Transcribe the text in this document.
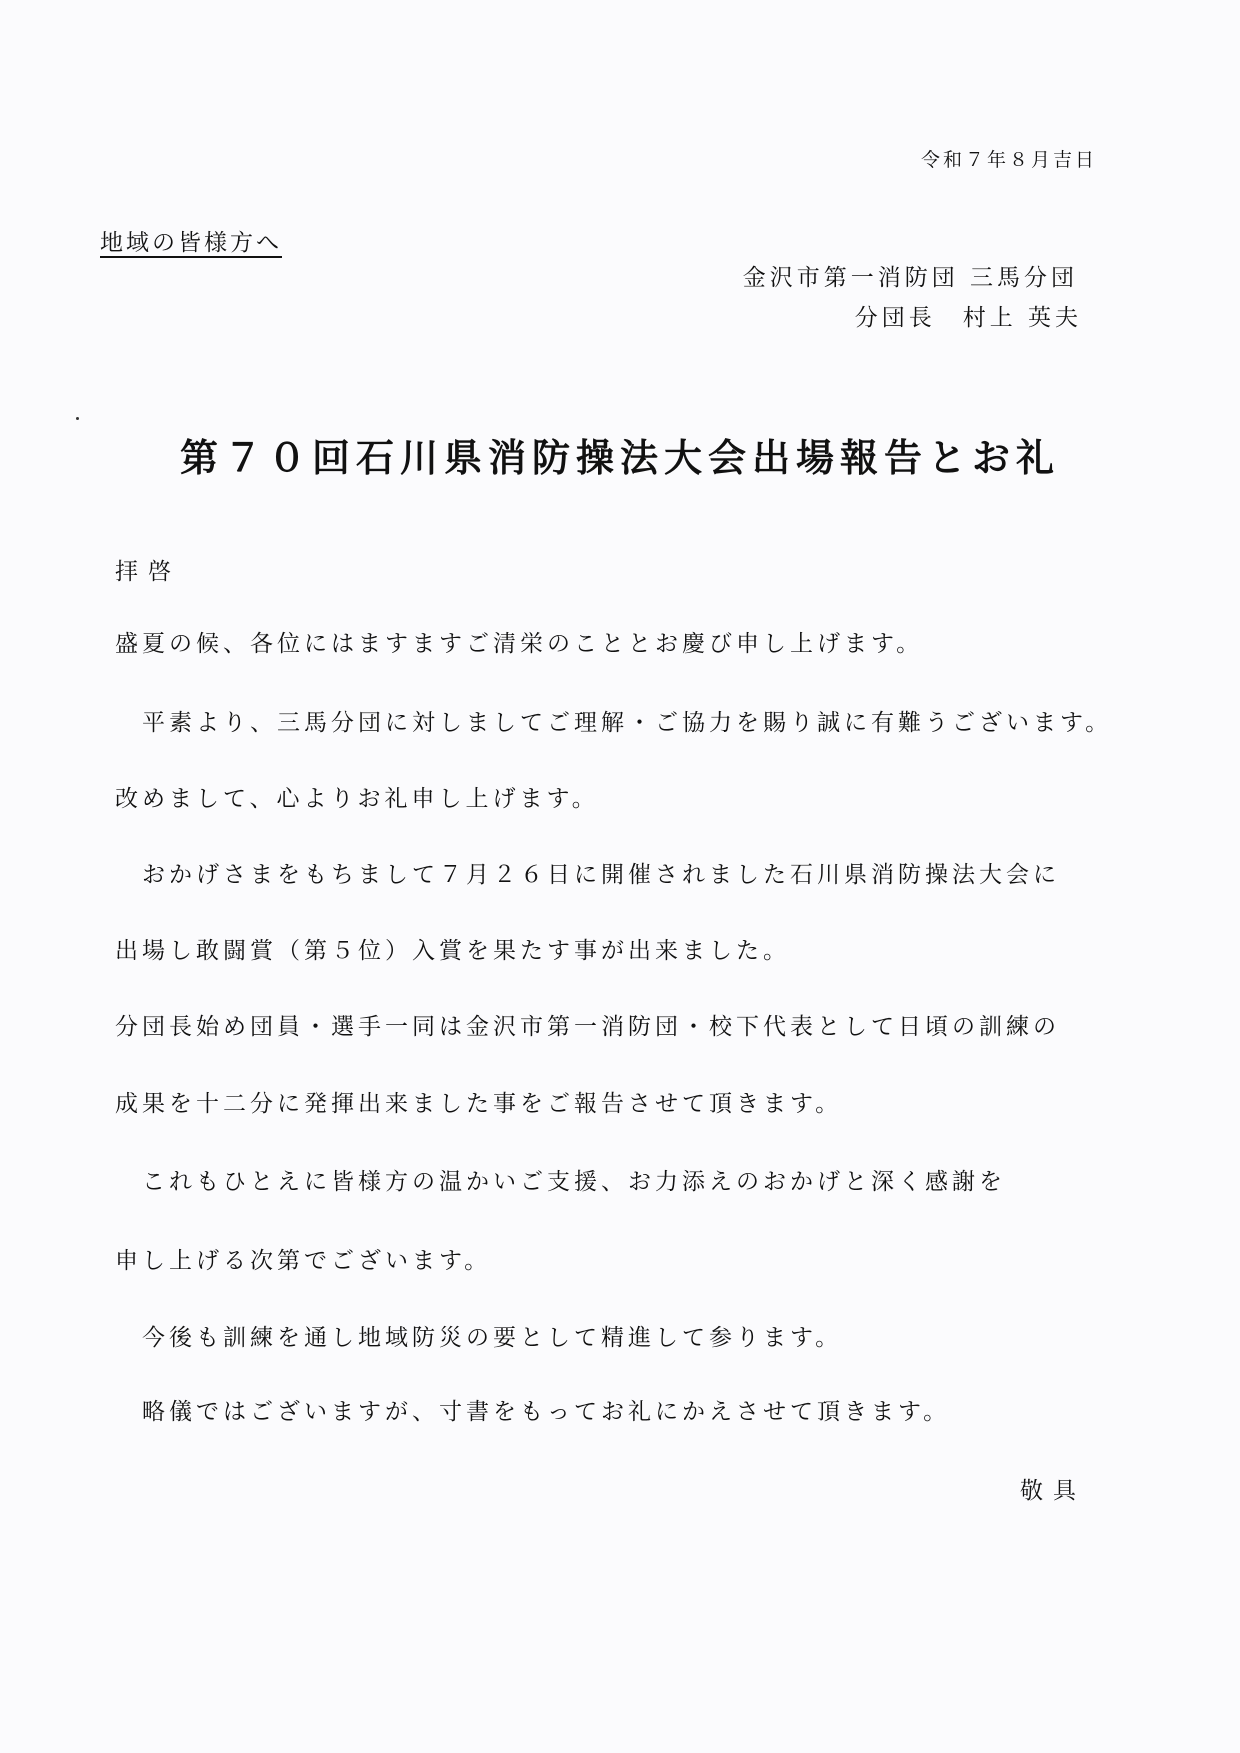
令和７年８月吉日
地域の皆様方へ
金沢市第一消防団 三馬分団
分団長　村上 英夫
第７０回石川県消防操法大会出場報告とお礼
拝啓
盛夏の候、各位にはますますご清栄のこととお慶び申し上げます。
　平素より、三馬分団に対しましてご理解・ご協力を賜り誠に有難うございます。
改めまして、心よりお礼申し上げます。
　おかげさまをもちまして７月２６日に開催されました石川県消防操法大会に
出場し敢闘賞（第５位）入賞を果たす事が出来ました。
分団長始め団員・選手一同は金沢市第一消防団・校下代表として日頃の訓練の
成果を十二分に発揮出来ました事をご報告させて頂きます。
　これもひとえに皆様方の温かいご支援、お力添えのおかげと深く感謝を
申し上げる次第でございます。
　今後も訓練を通し地域防災の要として精進して参ります。
　略儀ではございますが、寸書をもってお礼にかえさせて頂きます。
敬具
